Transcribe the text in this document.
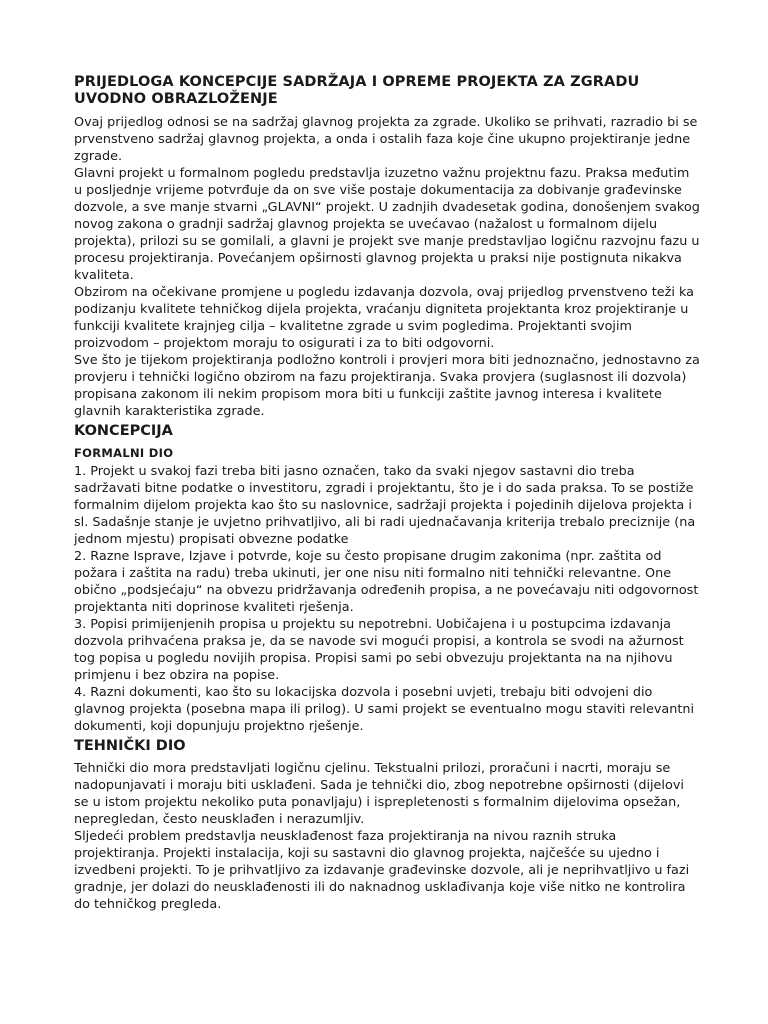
PRIJEDLOGA KONCEPCIJE SADRŽAJA I OPREME PROJEKTA ZA ZGRADU
UVODNO OBRAZLOŽENJE

Ovaj prijedlog odnosi se na sadržaj glavnog projekta za zgrade. Ukoliko se prihvati, razradio bi se prvenstveno sadržaj glavnog projekta, a onda i ostalih faza koje čine ukupno projektiranje jedne zgrade.

Glavni projekt u formalnom pogledu predstavlja izuzetno važnu projektnu fazu. Praksa međutim u posljednje vrijeme potvrđuje da on sve više postaje dokumentacija za dobivanje građevinske dozvole, a sve manje stvarni „GLAVNI“ projekt. U zadnjih dvadesetak godina, donošenjem svakog novog zakona o gradnji sadržaj glavnog projekta se uvećavao (nažalost u formalnom dijelu projekta), prilozi su se gomilali, a glavni je projekt sve manje predstavljao logičnu razvojnu fazu u procesu projektiranja. Povećanjem opširnosti glavnog projekta u praksi nije postignuta nikakva kvaliteta.

Obzirom na očekivane promjene u pogledu izdavanja dozvola, ovaj prijedlog prvenstveno teži ka podizanju kvalitete tehničkog dijela projekta, vraćanju digniteta projektanta kroz projektiranje u funkciji kvalitete krajnjeg cilja – kvalitetne zgrade u svim pogledima. Projektanti svojim proizvodom – projektom moraju to osigurati i za to biti odgovorni.

Sve što je tijekom projektiranja podložno kontroli i provjeri mora biti jednoznačno, jednostavno za provjeru i tehnički logično obzirom na fazu projektiranja. Svaka provjera (suglasnost ili dozvola) propisana zakonom ili nekim propisom mora biti u funkciji zaštite javnog interesa i kvalitete glavnih karakteristika zgrade.

KONCEPCIJA
FORMALNI DIO

1. Projekt u svakoj fazi treba biti jasno označen, tako da svaki njegov sastavni dio treba sadržavati bitne podatke o investitoru, zgradi i projektantu, što je i do sada praksa. To se postiže formalnim dijelom projekta kao što su naslovnice, sadržaji projekta i pojedinih dijelova projekta i sl. Sadašnje stanje je uvjetno prihvatljivo, ali bi radi ujednačavanja kriterija trebalo preciznije (na jednom mjestu) propisati obvezne podatke

2. Razne Isprave, Izjave i potvrde, koje su često propisane drugim zakonima (npr. zaštita od požara i zaštita na radu) treba ukinuti, jer one nisu niti formalno niti tehnički relevantne. One obično „podsjećaju“ na obvezu pridržavanja određenih propisa, a ne povećavaju niti odgovornost projektanta niti doprinose kvaliteti rješenja.

3. Popisi primijenjenih propisa u projektu su nepotrebni. Uobičajena i u postupcima izdavanja dozvola prihvaćena praksa je, da se navode svi mogući propisi, a kontrola se svodi na ažurnost tog popisa u pogledu novijih propisa. Propisi sami po sebi obvezuju projektanta na na njihovu primjenu i bez obzira na popise.

4. Razni dokumenti, kao što su lokacijska dozvola i posebni uvjeti, trebaju biti odvojeni dio glavnog projekta (posebna mapa ili prilog). U sami projekt se eventualno mogu staviti relevantni dokumenti, koji dopunjuju projektno rješenje.

TEHNIČKI DIO

Tehnički dio mora predstavljati logičnu cjelinu. Tekstualni prilozi, proračuni i nacrti, moraju se nadopunjavati i moraju biti usklađeni. Sada je tehnički dio, zbog nepotrebne opširnosti (dijelovi se u istom projektu nekoliko puta ponavljaju) i isprepletenosti s formalnim dijelovima opsežan, nepregledan, često neusklađen i nerazumljiv.

Sljedeći problem predstavlja neusklađenost faza projektiranja na nivou raznih struka projektiranja. Projekti instalacija, koji su sastavni dio glavnog projekta, najčešće su ujedno i izvedbeni projekti. To je prihvatljivo za izdavanje građevinske dozvole, ali je neprihvatljivo u fazi gradnje, jer dolazi do neusklađenosti ili do naknadnog usklađivanja koje više nitko ne kontrolira do tehničkog pregleda.
